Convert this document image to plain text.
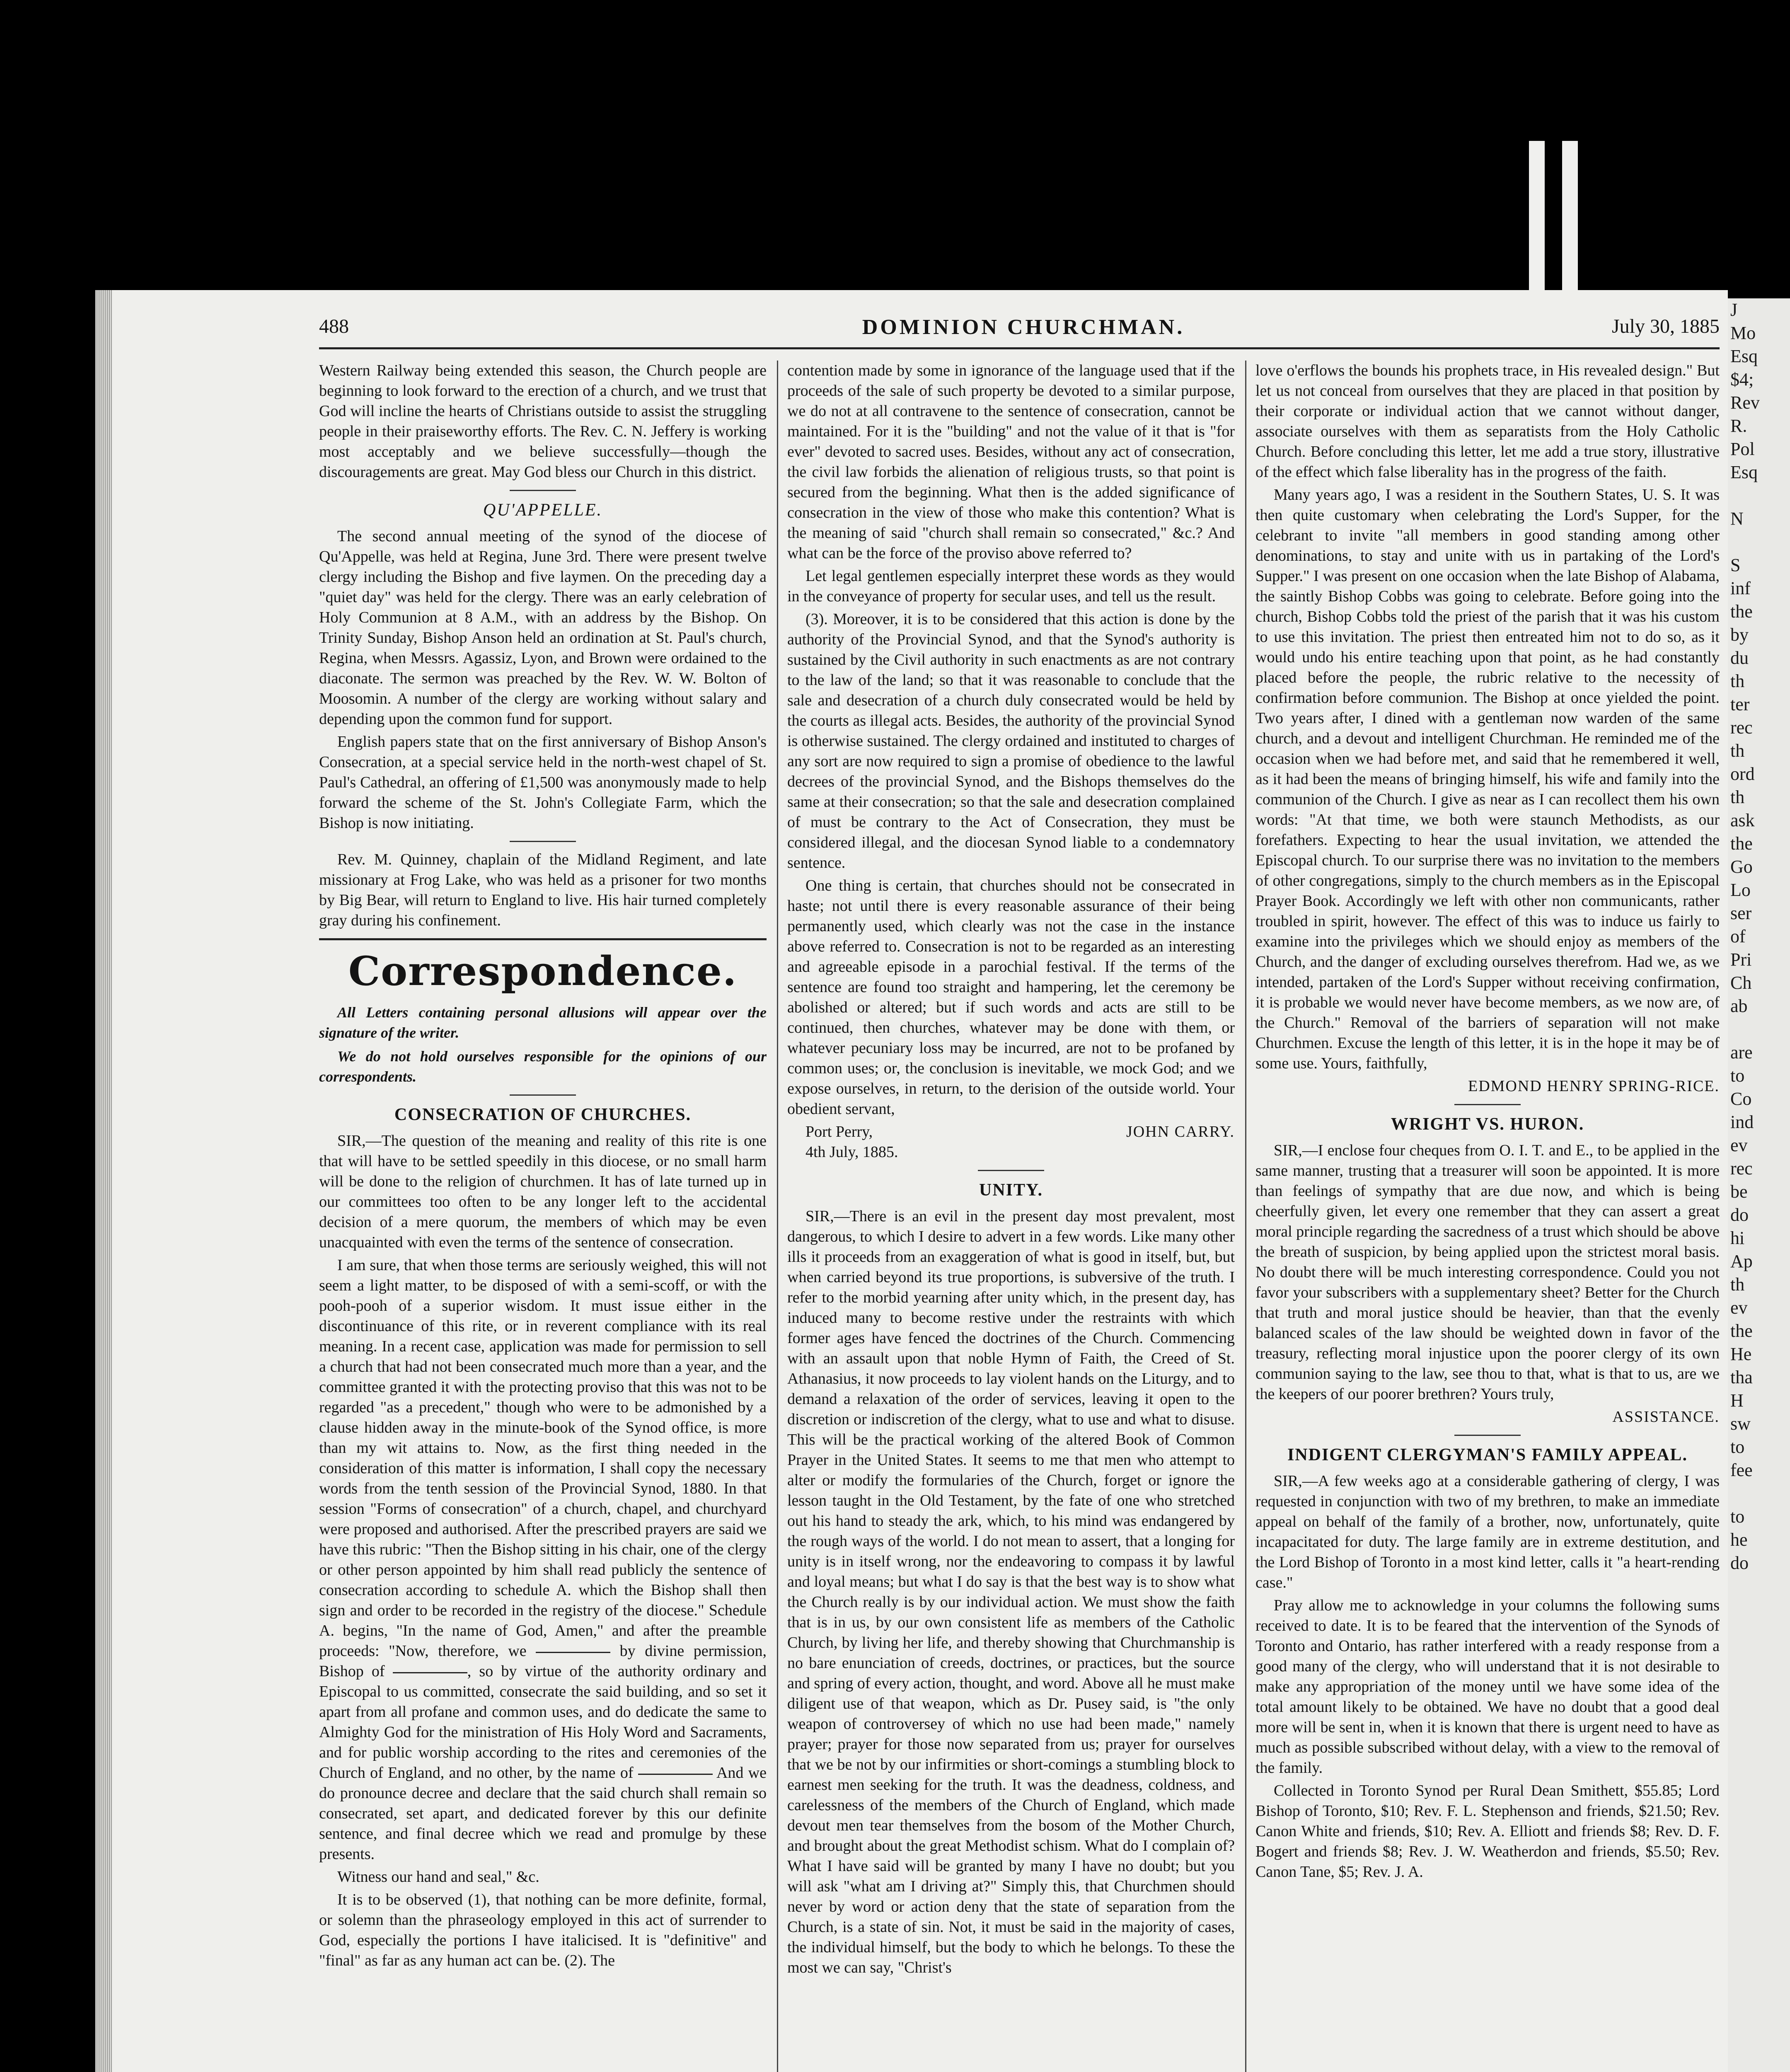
488	DOMINION CHURCHMAN.	July 30, 1885

Western Railway being extended this season, the Church people are beginning to look forward to the erection of a church, and we trust that God will incline the hearts of Christians outside to assist the struggling people in their praiseworthy efforts. The Rev. C. N. Jeffery is working most acceptably and we believe successfully—though the discouragements are great. May God bless our Church in this district.

QU'APPELLE.

The second annual meeting of the synod of the diocese of Qu'Appelle, was held at Regina, June 3rd. There were present twelve clergy including the Bishop and five laymen. On the preceding day a "quiet day" was held for the clergy. There was an early celebration of Holy Communion at 8 A.M., with an address by the Bishop. On Trinity Sunday, Bishop Anson held an ordination at St. Paul's church, Regina, when Messrs. Agassiz, Lyon, and Brown were ordained to the diaconate. The sermon was preached by the Rev. W. W. Bolton of Moosomin. A number of the clergy are working without salary and depending upon the common fund for support.

English papers state that on the first anniversary of Bishop Anson's Consecration, at a special service held in the north-west chapel of St. Paul's Cathedral, an offering of £1,500 was anonymously made to help forward the scheme of the St. John's Collegiate Farm, which the Bishop is now initiating.

Rev. M. Quinney, chaplain of the Midland Regiment, and late missionary at Frog Lake, who was held as a prisoner for two months by Big Bear, will return to England to live. His hair turned completely gray during his confinement.

Correspondence.

All Letters containing personal allusions will appear over the signature of the writer.

We do not hold ourselves responsible for the opinions of our correspondents.

CONSECRATION OF CHURCHES.

SIR,—The question of the meaning and reality of this rite is one that will have to be settled speedily in this diocese, or no small harm will be done to the religion of churchmen. It has of late turned up in our committees too often to be any longer left to the accidental decision of a mere quorum, the members of which may be even unacquainted with even the terms of the sentence of consecration.

I am sure, that when those terms are seriously weighed, this will not seem a light matter, to be disposed of with a semi-scoff, or with the pooh-pooh of a superior wisdom. It must issue either in the discontinuance of this rite, or in reverent compliance with its real meaning. In a recent case, application was made for permission to sell a church that had not been consecrated much more than a year, and the committee granted it with the protecting proviso that this was not to be regarded "as a precedent," though who were to be admonished by a clause hidden away in the minute-book of the Synod office, is more than my wit attains to. Now, as the first thing needed in the consideration of this matter is information, I shall copy the necessary words from the tenth session of the Provincial Synod, 1880. In that session "Forms of consecration" of a church, chapel, and churchyard were proposed and authorised. After the prescribed prayers are said we have this rubric: "Then the Bishop sitting in his chair, one of the clergy or other person appointed by him shall read publicly the sentence of consecration according to schedule A. which the Bishop shall then sign and order to be recorded in the registry of the diocese." Schedule A. begins, "In the name of God, Amen," and after the preamble proceeds: "Now, therefore, we	by divine permission, Bishop of	, so by virtue of the authority ordinary and Episcopal to us committed, consecrate the said building, and so set it apart from all profane and common uses, and do dedicate the same to Almighty God for the ministration of His Holy Word and Sacraments, and for public worship according to the rites and ceremonies of the Church of England, and no other, by the name of	And we do pronounce decree and declare that the said church shall remain so consecrated, set apart, and dedicated forever by this our definite sentence, and final decree which we read and promulge by these presents.

Witness our hand and seal," &c.

It is to be observed (1), that nothing can be more definite, formal, or solemn than the phraseology employed in this act of surrender to God, especially the portions I have italicised. It is "definitive" and "final" as far as any human act can be. (2). The

contention made by some in ignorance of the language used that if the proceeds of the sale of such property be devoted to a similar purpose, we do not at all contravene to the sentence of consecration, cannot be maintained. For it is the "building" and not the value of it that is "for ever" devoted to sacred uses. Besides, without any act of consecration, the civil law forbids the alienation of religious trusts, so that point is secured from the beginning. What then is the added significance of consecration in the view of those who make this contention? What is the meaning of said "church shall remain so consecrated," &c.? And what can be the force of the proviso above referred to?

Let legal gentlemen especially interpret these words as they would in the conveyance of property for secular uses, and tell us the result.

(3). Moreover, it is to be considered that this action is done by the authority of the Provincial Synod, and that the Synod's authority is sustained by the Civil authority in such enactments as are not contrary to the law of the land; so that it was reasonable to conclude that the sale and desecration of a church duly consecrated would be held by the courts as illegal acts. Besides, the authority of the provincial Synod is otherwise sustained. The clergy ordained and instituted to charges of any sort are now required to sign a promise of obedience to the lawful decrees of the provincial Synod, and the Bishops themselves do the same at their consecration; so that the sale and desecration complained of must be contrary to the Act of Consecration, they must be considered illegal, and the diocesan Synod liable to a condemnatory sentence.

One thing is certain, that churches should not be consecrated in haste; not until there is every reasonable assurance of their being permanently used, which clearly was not the case in the instance above referred to. Consecration is not to be regarded as an interesting and agreeable episode in a parochial festival. If the terms of the sentence are found too straight and hampering, let the ceremony be abolished or altered; but if such words and acts are still to be continued, then churches, whatever may be done with them, or whatever pecuniary loss may be incurred, are not to be profaned by common uses; or, the conclusion is inevitable, we mock God; and we expose ourselves, in return, to the derision of the outside world. Your obedient servant,

Port Perry,	JOHN CARRY.

4th July, 1885.

UNITY.

SIR,—There is an evil in the present day most prevalent, most dangerous, to which I desire to advert in a few words. Like many other ills it proceeds from an exaggeration of what is good in itself, but, but when carried beyond its true proportions, is subversive of the truth. I refer to the morbid yearning after unity which, in the present day, has induced many to become restive under the restraints with which former ages have fenced the doctrines of the Church. Commencing with an assault upon that noble Hymn of Faith, the Creed of St. Athanasius, it now proceeds to lay violent hands on the Liturgy, and to demand a relaxation of the order of services, leaving it open to the discretion or indiscretion of the clergy, what to use and what to disuse. This will be the practical working of the altered Book of Common Prayer in the United States. It seems to me that men who attempt to alter or modify the formularies of the Church, forget or ignore the lesson taught in the Old Testament, by the fate of one who stretched out his hand to steady the ark, which, to his mind was endangered by the rough ways of the world. I do not mean to assert, that a longing for unity is in itself wrong, nor the endeavoring to compass it by lawful and loyal means; but what I do say is that the best way is to show what the Church really is by our individual action. We must show the faith that is in us, by our own consistent life as members of the Catholic Church, by living her life, and thereby showing that Churchmanship is no bare enunciation of creeds, doctrines, or practices, but the source and spring of every action, thought, and word. Above all he must make diligent use of that weapon, which as Dr. Pusey said, is "the only weapon of controversey of which no use had been made," namely prayer; prayer for those now separated from us; prayer for ourselves that we be not by our infirmities or short-comings a stumbling block to earnest men seeking for the truth. It was the deadness, coldness, and carelessness of the members of the Church of England, which made devout men tear themselves from the bosom of the Mother Church, and brought about the great Methodist schism. What do I complain of? What I have said will be granted by many I have no doubt; but you will ask "what am I driving at?" Simply this, that Churchmen should never by word or action deny that the state of separation from the Church, is a state of sin. Not, it must be said in the majority of cases, the individual himself, but the body to which he belongs. To these the most we can say, "Christ's

love o'erflows the bounds his prophets trace, in His revealed design." But let us not conceal from ourselves that they are placed in that position by their corporate or individual action that we cannot without danger, associate ourselves with them as separatists from the Holy Catholic Church. Before concluding this letter, let me add a true story, illustrative of the effect which false liberality has in the progress of the faith.

Many years ago, I was a resident in the Southern States, U. S. It was then quite customary when celebrating the Lord's Supper, for the celebrant to invite "all members in good standing among other denominations, to stay and unite with us in partaking of the Lord's Supper." I was present on one occasion when the late Bishop of Alabama, the saintly Bishop Cobbs was going to celebrate. Before going into the church, Bishop Cobbs told the priest of the parish that it was his custom to use this invitation. The priest then entreated him not to do so, as it would undo his entire teaching upon that point, as he had constantly placed before the people, the rubric relative to the necessity of confirmation before communion. The Bishop at once yielded the point. Two years after, I dined with a gentleman now warden of the same church, and a devout and intelligent Churchman. He reminded me of the occasion when we had before met, and said that he remembered it well, as it had been the means of bringing himself, his wife and family into the communion of the Church. I give as near as I can recollect them his own words: "At that time, we both were staunch Methodists, as our forefathers. Expecting to hear the usual invitation, we attended the Episcopal church. To our surprise there was no invitation to the members of other congregations, simply to the church members as in the Episcopal Prayer Book. Accordingly we left with other non communicants, rather troubled in spirit, however. The effect of this was to induce us fairly to examine into the privileges which we should enjoy as members of the Church, and the danger of excluding ourselves therefrom. Had we, as we intended, partaken of the Lord's Supper without receiving confirmation, it is probable we would never have become members, as we now are, of the Church." Removal of the barriers of separation will not make Churchmen. Excuse the length of this letter, it is in the hope it may be of some use. Yours, faithfully,

EDMOND HENRY SPRING-RICE.

WRIGHT VS. HURON.

SIR,—I enclose four cheques from O. I. T. and E., to be applied in the same manner, trusting that a treasurer will soon be appointed. It is more than feelings of sympathy that are due now, and which is being cheerfully given, let every one remember that they can assert a great moral principle regarding the sacredness of a trust which should be above the breath of suspicion, by being applied upon the strictest moral basis. No doubt there will be much interesting correspondence. Could you not favor your subscribers with a supplementary sheet? Better for the Church that truth and moral justice should be heavier, than that the evenly balanced scales of the law should be weighted down in favor of the treasury, reflecting moral injustice upon the poorer clergy of its own communion saying to the law, see thou to that, what is that to us, are we the keepers of our poorer brethren? Yours truly,

ASSISTANCE.

INDIGENT CLERGYMAN'S FAMILY APPEAL.

SIR,—A few weeks ago at a considerable gathering of clergy, I was requested in conjunction with two of my brethren, to make an immediate appeal on behalf of the family of a brother, now, unfortunately, quite incapacitated for duty. The large family are in extreme destitution, and the Lord Bishop of Toronto in a most kind letter, calls it "a heart-rending case."

Pray allow me to acknowledge in your columns the following sums received to date. It is to be feared that the intervention of the Synods of Toronto and Ontario, has rather interfered with a ready response from a good many of the clergy, who will understand that it is not desirable to make any appropriation of the money until we have some idea of the total amount likely to be obtained. We have no doubt that a good deal more will be sent in, when it is known that there is urgent need to have as much as possible subscribed without delay, with a view to the removal of the family.

Collected in Toronto Synod per Rural Dean Smithett, $55.85; Lord Bishop of Toronto, $10; Rev. F. L. Stephenson and friends, $21.50; Rev. Canon White and friends, $10; Rev. A. Elliott and friends $8; Rev. D. F. Bogert and friends $8; Rev. J. W. Weatherdon and friends, $5.50; Rev. Canon Tane, $5; Rev. J. A.

J
Mo
Esq
$4;
Rev
R.
Pol
Esq

N

S
inf
the
by
du
th
ter
rec
th
ord
th
ask
the
Go
Lo
ser
of
Pri
Ch
ab

are
to
Co
ind
ev
rec
be
do
hi
Ap
th
ev
the
He
tha
H
sw
to
fee

to
he
do
